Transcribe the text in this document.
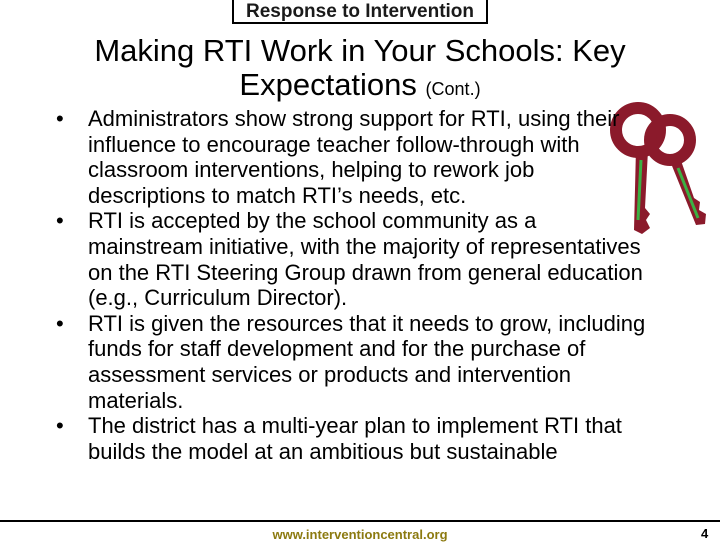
Response to Intervention
Making RTI Work in Your Schools: Key Expectations (Cont.)
• Administrators show strong support for RTI, using their influence to encourage teacher follow-through with classroom interventions, helping to rework job descriptions to match RTI’s needs, etc.
• RTI is accepted by the school community as a mainstream initiative, with the majority of representatives on the RTI Steering Group drawn from general education (e.g., Curriculum Director).
• RTI is given the resources that it needs to grow, including funds for staff development and for the purchase of assessment services or products and intervention materials.
• The district has a multi-year plan to implement RTI that builds the model at an ambitious but sustainable
www.interventioncentral.org	4
